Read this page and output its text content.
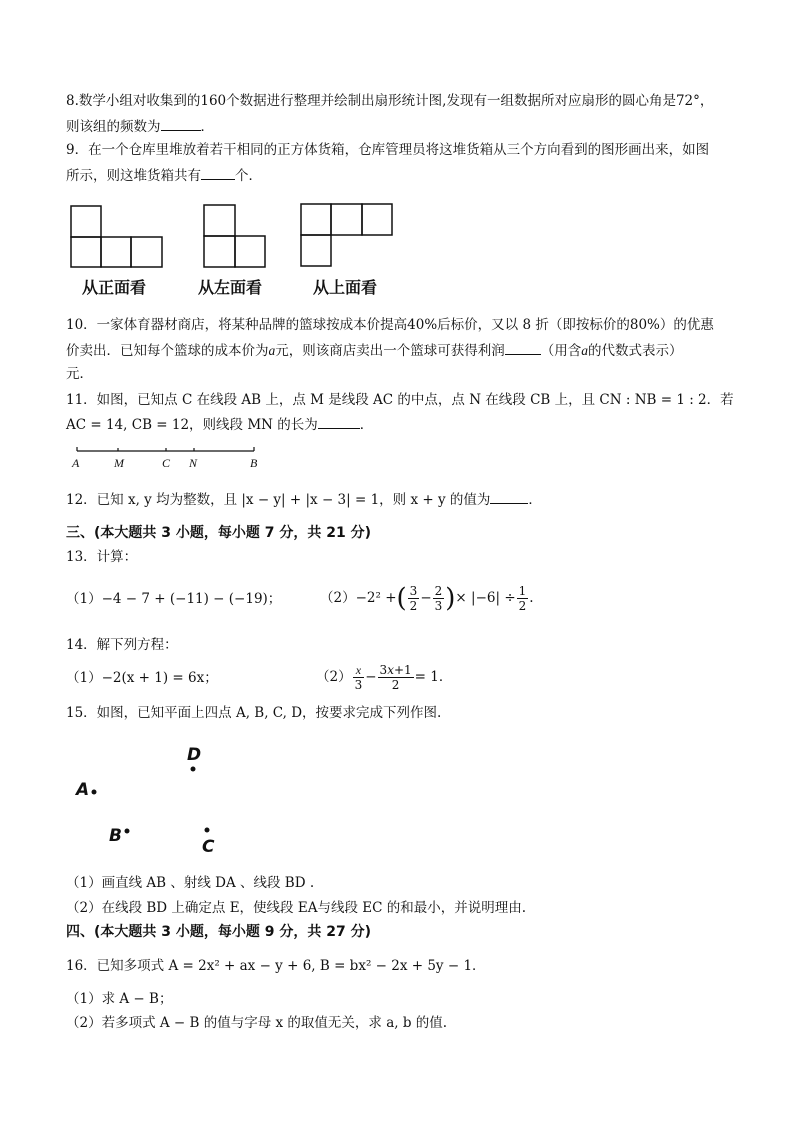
8.数学小组对收集到的160个数据进行整理并绘制出扇形统计图,发现有一组数据所对应扇形的圆心角是72°，
则该组的频数为	．
9．在一个仓库里堆放着若干相同的正方体货箱，仓库管理员将这堆货箱从三个方向看到的图形画出来，如图
所示，则这堆货箱共有	个．
从正面看	从左面看	从上面看
10．一家体育器材商店，将某种品牌的篮球按成本价提高40%后标价，又以 8 折（即按标价的80%）的优惠
价卖出．已知每个篮球的成本价为a元，则该商店卖出一个篮球可获得利润	（用含a的代数式表示）
元．
11．如图，已知点 C 在线段 AB 上，点 M 是线段 AC 的中点，点 N 在线段 CB 上，且 CN : NB = 1 : 2．若
AC = 14, CB = 12，则线段 MN 的长为	．
A	M	C N	B
12．已知 x, y 均为整数，且 |x − y| + |x − 3| = 1，则 x + y 的值为	．
三、(本大题共 3 小题，每小题 7 分，共 21 分)
13．计算：
（1）−4 − 7 + (−11) − (−19)；	（2）−2² +( $\frac{3}{2} - \frac{2}{3}$ )× $|-6| \div \frac{1}{2}$ .
14．解下列方程：
（1）−2(x + 1) = 6x；	$(2) \frac{x}{3} - \frac{3x+1}{2} = 1$．
15．如图，已知平面上四点 A, B, C, D，按要求完成下列作图.
A
B
C
D
（1）画直线 AB 、射线 DA 、线段 BD .
（2）在线段 BD 上确定点 E，使线段 EA与线段 EC 的和最小，并说明理由.
四、(本大题共 3 小题，每小题 9 分，共 27 分)
16．已知多项式 A = 2x² + ax − y + 6, B = bx² − 2x + 5y − 1．
（1）求 A − B；
（2）若多项式 A − B 的值与字母 x 的取值无关，求 a, b 的值.
